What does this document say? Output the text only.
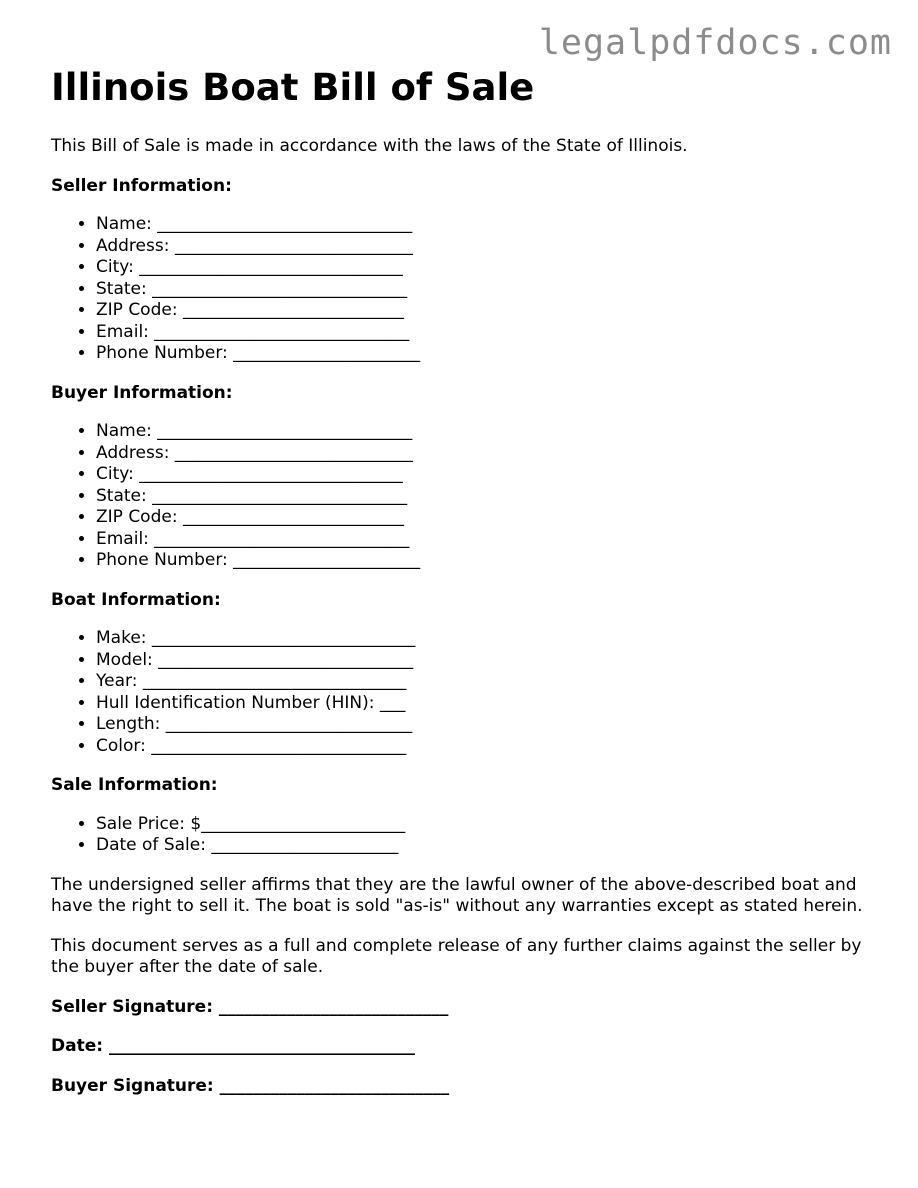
legalpdfdocs.com
Illinois Boat Bill of Sale

This Bill of Sale is made in accordance with the laws of the State of Illinois.

Seller Information:
• Name: ______________________________
• Address: ____________________________
• City: _______________________________
• State: ______________________________
• ZIP Code: __________________________
• Email: ______________________________
• Phone Number: ______________________
Buyer Information:
• Name: ______________________________
• Address: ____________________________
• City: _______________________________
• State: ______________________________
• ZIP Code: __________________________
• Email: ______________________________
• Phone Number: ______________________
Boat Information:
• Make: _______________________________
• Model: ______________________________
• Year: _______________________________
• Hull Identification Number (HIN): ___
• Length: _____________________________
• Color: ______________________________
Sale Information:
• Sale Price: $________________________
• Date of Sale: ______________________

The undersigned seller affirms that they are the lawful owner of the above-described boat and have the right to sell it. The boat is sold "as-is" without any warranties except as stated herein.

This document serves as a full and complete release of any further claims against the seller by the buyer after the date of sale.

Seller Signature: ___________________________
Date: ____________________________________
Buyer Signature: ___________________________
